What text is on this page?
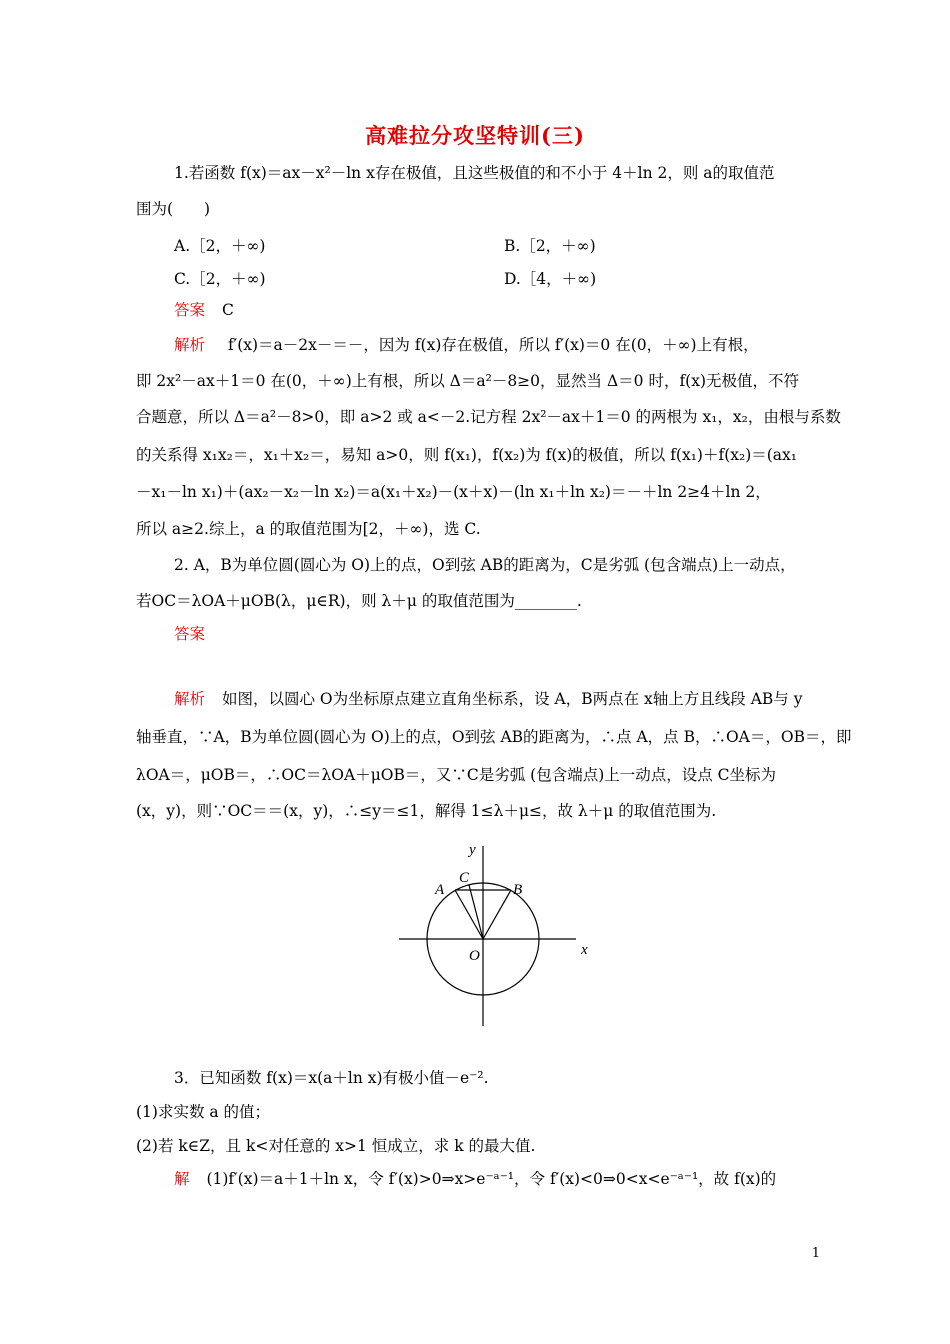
高难拉分攻坚特训(三)
1.若函数 f(x)＝ax－x²－ln x存在极值，且这些极值的和不小于 4＋ln 2，则 a的取值范
围为(　　)
A.［2，＋∞)	B.［2，＋∞)
C.［2，＋∞)	D.［4，＋∞)
答案 C
解析 f′(x)＝a－2x－＝－，因为 f(x)存在极值，所以 f′(x)＝0 在(0，＋∞)上有根，
即 2x²－ax＋1＝0 在(0，＋∞)上有根，所以 Δ＝a²－8≥0，显然当 Δ＝0 时，f(x)无极值，不符
合题意，所以 Δ＝a²－8>0，即 a>2 或 a<－2.记方程 2x²－ax＋1＝0 的两根为 x₁，x₂，由根与系数
的关系得 x₁x₂＝，x₁＋x₂＝，易知 a>0，则 f(x₁)，f(x₂)为 f(x)的极值，所以 f(x₁)＋f(x₂)＝(ax₁
－x₁－ln x₁)＋(ax₂－x₂－ln x₂)＝a(x₁＋x₂)－(x＋x)－(ln x₁＋ln x₂)＝－＋ln 2≥4＋ln 2，
所以 a≥2.综上，a 的取值范围为[2，＋∞)，选 C.
2. A，B为单位圆(圆心为 O)上的点，O到弦 AB的距离为，C是劣弧 (包含端点)上一动点，
若OC＝λOA＋μOB(λ，μ∈R)，则 λ＋μ 的取值范围为________.
答案
解析 如图，以圆心 O为坐标原点建立直角坐标系，设 A，B两点在 x轴上方且线段 AB与 y
轴垂直，∵A，B为单位圆(圆心为 O)上的点，O到弦 AB的距离为，∴点 A，点 B，∴OA＝，OB＝，即
λOA＝，μOB＝，∴OC＝λOA＋μOB＝，又∵C是劣弧 (包含端点)上一动点，设点 C坐标为
(x，y)，则∵OC＝＝(x，y)，∴≤y＝≤1，解得 1≤λ＋μ≤，故 λ＋μ 的取值范围为.
y
x
O
A	B
C
3．已知函数 f(x)＝x(a＋ln x)有极小值－e⁻².
(1)求实数 a 的值；
(2)若 k∈Z，且 k<对任意的 x>1 恒成立，求 k 的最大值.
解 (1)f′(x)＝a＋1＋ln x，令 f′(x)>0⇒x>e⁻ᵃ⁻¹，令 f′(x)<0⇒0<x<e⁻ᵃ⁻¹，故 f(x)的
1
